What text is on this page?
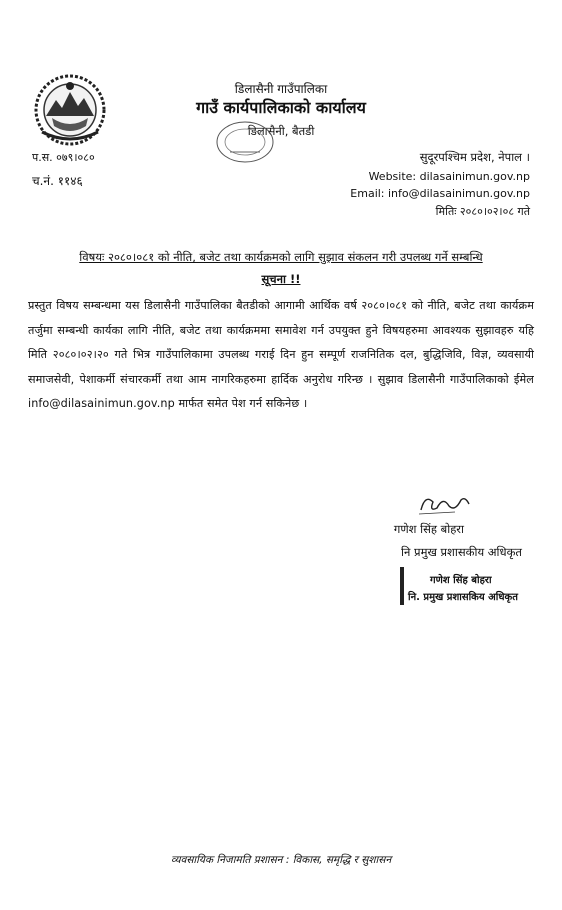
डिलासैनी गाउँपालिका
गाउँ कार्यपालिकाको कार्यालय
डिलासैनी, बैतडी
प.स. ०७९।०८०
च.नं. ११४६
सुदूरपश्चिम प्रदेश, नेपाल ।
Website: dilasainimun.gov.np
Email: info@dilasainimun.gov.np
मितिः २०८०।०२।०८ गते
विषयः २०८०।०८१ को नीति, बजेट तथा कार्यक्रमको लागि सुझाव संकलन गरी उपलब्ध गर्ने सम्बन्धि
सूचना !!
प्रस्तुत विषय सम्बन्धमा यस डिलासैनी गाउँपालिका बैतडीको आगामी आर्थिक वर्ष २०८०।०८१ को नीति, बजेट तथा कार्यक्रम तर्जुमा सम्बन्धी कार्यका लागि नीति, बजेट तथा कार्यक्रममा समावेश गर्न उपयुक्त हुने विषयहरुमा आवश्यक सुझावहरु यहि मिति २०८०।०२।२० गते भित्र गाउँपालिकामा उपलब्ध गराई दिन हुन सम्पूर्ण राजनितिक दल, बुद्धिजिवि, विज्ञ, व्यवसायी समाजसेवी, पेशाकर्मी संचारकर्मी तथा आम नागरिकहरुमा हार्दिक अनुरोध गरिन्छ । सुझाव डिलासैनी गाउँपालिकाको ईमेल info@dilasainimun.gov.np मार्फत समेत पेश गर्न सकिनेछ ।
गणेश सिंह बोहरा
नि प्रमुख प्रशासकीय अधिकृत
गणेश सिंह बोहरा
नि. प्रमुख प्रशासकिय अधिकृत
व्यवसायिक निजामति प्रशासन : विकास, समृद्धि र सुशासन
